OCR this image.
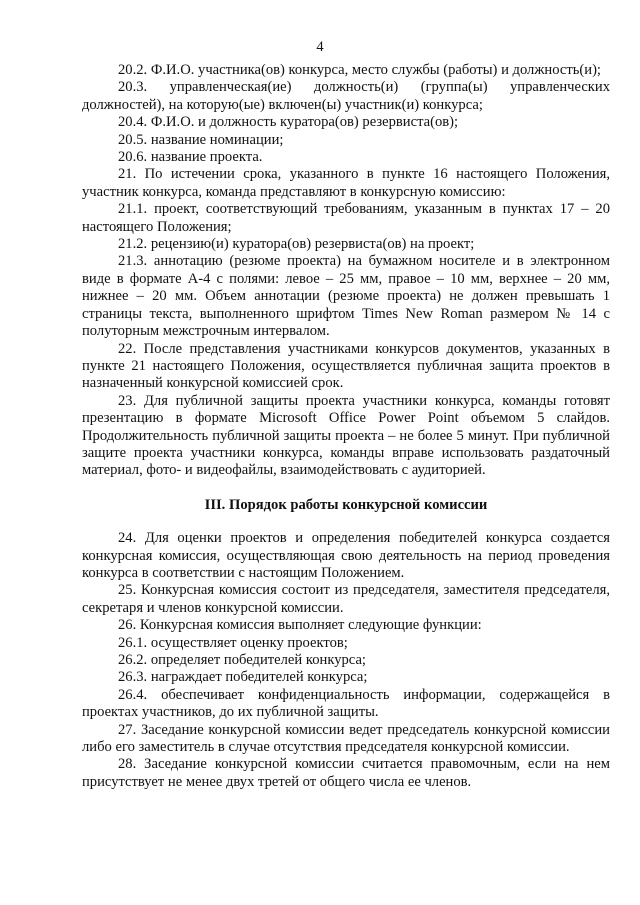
4

20.2. Ф.И.О. участника(ов) конкурса, место службы (работы) и должность(и);

20.3. управленческая(ие) должность(и) (группа(ы) управленческих должностей), на которую(ые) включен(ы) участник(и) конкурса;

20.4. Ф.И.О. и должность куратора(ов) резервиста(ов);

20.5. название номинации;

20.6. название проекта.

21. По истечении срока, указанного в пункте 16 настоящего Положения, участник конкурса, команда представляют в конкурсную комиссию:

21.1. проект, соответствующий требованиям, указанным в пунктах 17 – 20 настоящего Положения;

21.2. рецензию(и) куратора(ов) резервиста(ов) на проект;

21.3. аннотацию (резюме проекта) на бумажном носителе и в электронном виде в формате А-4 с полями: левое – 25 мм, правое – 10 мм, верхнее – 20 мм, нижнее – 20 мм. Объем аннотации (резюме проекта) не должен превышать 1 страницы текста, выполненного шрифтом Times New Roman размером № 14 с полуторным межстрочным интервалом.

22. После представления участниками конкурсов документов, указанных в пункте 21 настоящего Положения, осуществляется публичная защита проектов в назначенный конкурсной комиссией срок.

23. Для публичной защиты проекта участники конкурса, команды готовят презентацию в формате Microsoft Office Power Point объемом 5 слайдов. Продолжительность публичной защиты проекта – не более 5 минут. При публичной защите проекта участники конкурса, команды вправе использовать раздаточный материал, фото- и видеофайлы, взаимодействовать с аудиторией.

III. Порядок работы конкурсной комиссии

24. Для оценки проектов и определения победителей конкурса создается конкурсная комиссия, осуществляющая свою деятельность на период проведения конкурса в соответствии с настоящим Положением.

25. Конкурсная комиссия состоит из председателя, заместителя председателя, секретаря и членов конкурсной комиссии.

26. Конкурсная комиссия выполняет следующие функции:

26.1. осуществляет оценку проектов;

26.2. определяет победителей конкурса;

26.3. награждает победителей конкурса;

26.4. обеспечивает конфиденциальность информации, содержащейся в проектах участников, до их публичной защиты.

27. Заседание конкурсной комиссии ведет председатель конкурсной комиссии либо его заместитель в случае отсутствия председателя конкурсной комиссии.

28. Заседание конкурсной комиссии считается правомочным, если на нем присутствует не менее двух третей от общего числа ее членов.
